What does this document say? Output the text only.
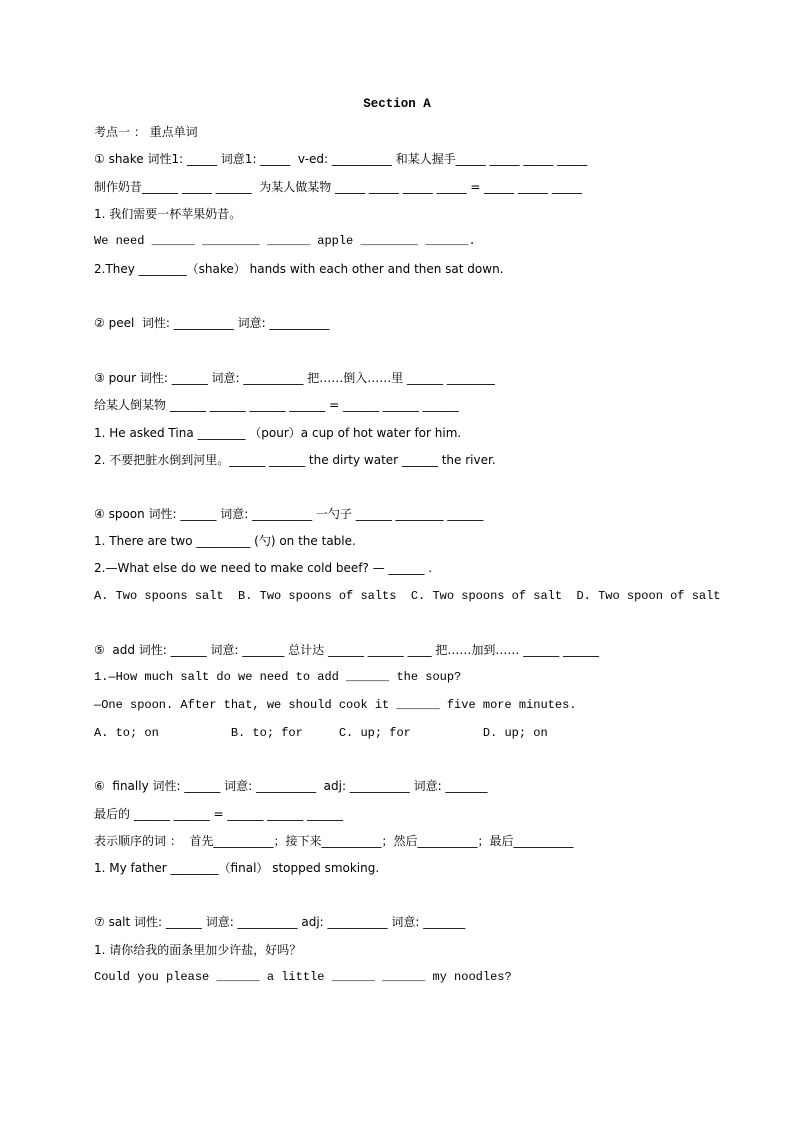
Section A
考点一 ： 重点单词
① shake 词性1: _____ 词意1: _____  v-ed: __________ 和某人握手_____ _____ _____ _____
制作奶昔______ _____ ______  为某人做某物 _____ _____ _____ _____ = _____ _____ _____
1. 我们需要一杯苹果奶昔。
We need ______ ________ ______ apple ________ ______.
2.They ________（shake） hands with each other and then sat down.
② peel  词性: __________ 词意: __________
③ pour 词性: ______ 词意: __________ 把……倒入……里 ______ ________
给某人倒某物 ______ ______ ______ ______ = ______ ______ ______
1. He asked Tina ________ （pour）a cup of hot water for him.
2. 不要把脏水倒到河里。______ ______ the dirty water ______ the river.
④ spoon 词性: ______ 词意: __________ 一勺子 ______ ________ ______
1. There are two _________ (勺) on the table.
2.—What else do we need to make cold beef? — ______ .
A. Two spoons salt  B. Two spoons of salts  C. Two spoons of salt  D. Two spoon of salt
⑤  add 词性: ______ 词意: _______ 总计达 ______ ______ ____ 把……加到…… ______ ______
1.—How much salt do we need to add ______ the soup?
—One spoon. After that, we should cook it ______ five more minutes.
A. to; on          B. to; for     C. up; for          D. up; on
⑥  finally 词性: ______ 词意: __________  adj: __________ 词意: _______
最后的 ______ ______ = ______ ______ ______
表示顺序的词 ：  首先__________；接下来__________；然后__________；最后__________
1. My father ________（final） stopped smoking.
⑦ salt 词性: ______ 词意: __________ adj: __________ 词意: _______
1. 请你给我的面条里加少许盐，好吗？
Could you please ______ a little ______ ______ my noodles?
